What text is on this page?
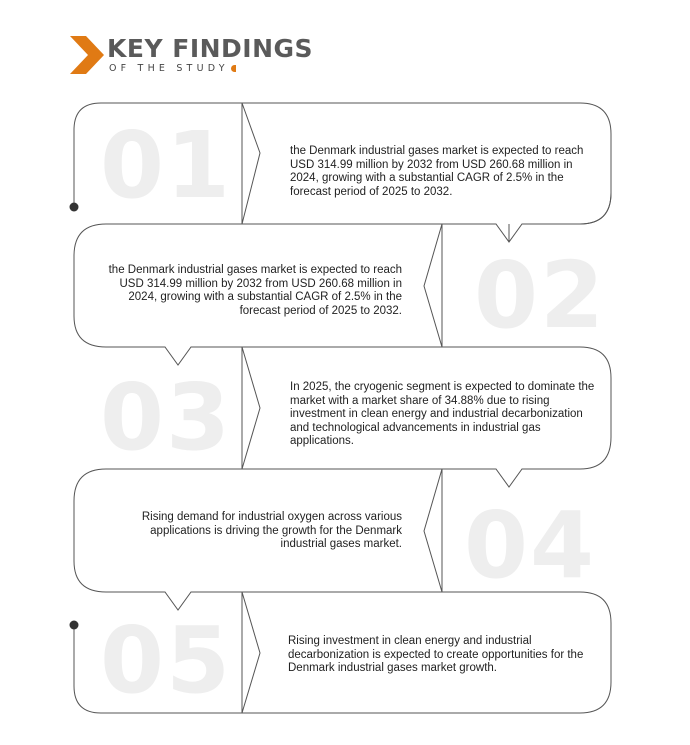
KEY FINDINGS
OF THE STUDY
01	the Denmark industrial gases market is expected to reach USD 314.99 million by 2032 from USD 260.68 million in 2024, growing with a substantial CAGR of 2.5% in the forecast period of 2025 to 2032.
02
the Denmark industrial gases market is expected to reach USD 314.99 million by 2032 from USD 260.68 million in 2024, growing with a substantial CAGR of 2.5% in the forecast period of 2025 to 2032.
03	In 2025, the cryogenic segment is expected to dominate the market with a market share of 34.88% due to rising investment in clean energy and industrial decarbonization and technological advancements in industrial gas applications.
04
Rising demand for industrial oxygen across various applications is driving the growth for the Denmark industrial gases market.
05	Rising investment in clean energy and industrial decarbonization is expected to create opportunities for the Denmark industrial gases market growth.
